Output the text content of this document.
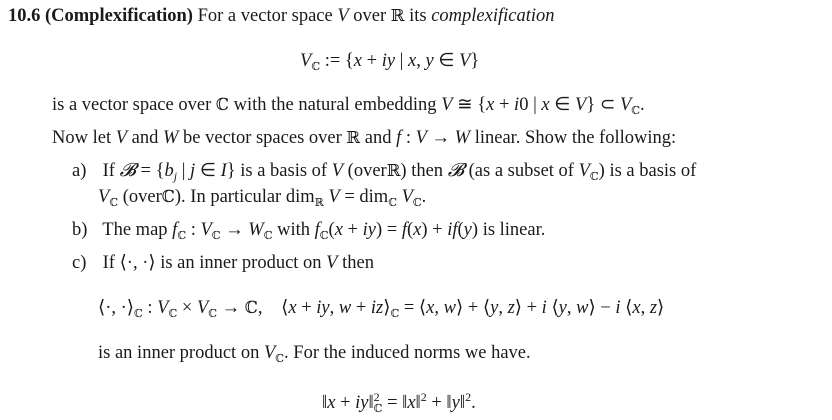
10.6 (Complexification) For a vector space V over ℝ its complexification
$V_ℂ$ := {x + iy | x, y ∈ V}
is a vector space over ℂ with the natural embedding V ≅ {x + i0 | x ∈ V} ⊂ $V_ℂ$.
Now let V and W be vector spaces over ℝ and f : V → W linear. Show the following:
a) If 𝓑 = {$b_j$ | j ∈ I} is a basis of V (overℝ) then 𝓑 (as a subset of $V_ℂ$) is a basis of
$V_ℂ$ (overℂ). In particular dim$_ℝ$ V = dim$_ℂ$ $V_ℂ$.
b) The map $f_ℂ$ : $V_ℂ \to W_ℂ$ with $f_ℂ(x + iy) = f(x) + if(y)$ is linear.
c) If ⟨·, ·⟩ is an inner product on V then
⟨·, $\cdot⟩_ℂ$ : $V_ℂ \times V_ℂ$ → ℂ, ⟨x + iy, $w + iz⟩_ℂ$ = ⟨x, w⟩ + ⟨y, z⟩ + i ⟨y, w⟩ − i ⟨x, z⟩
is an inner product on $V_ℂ$. For the induced norms we have.
‖x + iy‖$^2_ℂ$ = ‖x‖$^2$ + ‖y‖$^2$.
